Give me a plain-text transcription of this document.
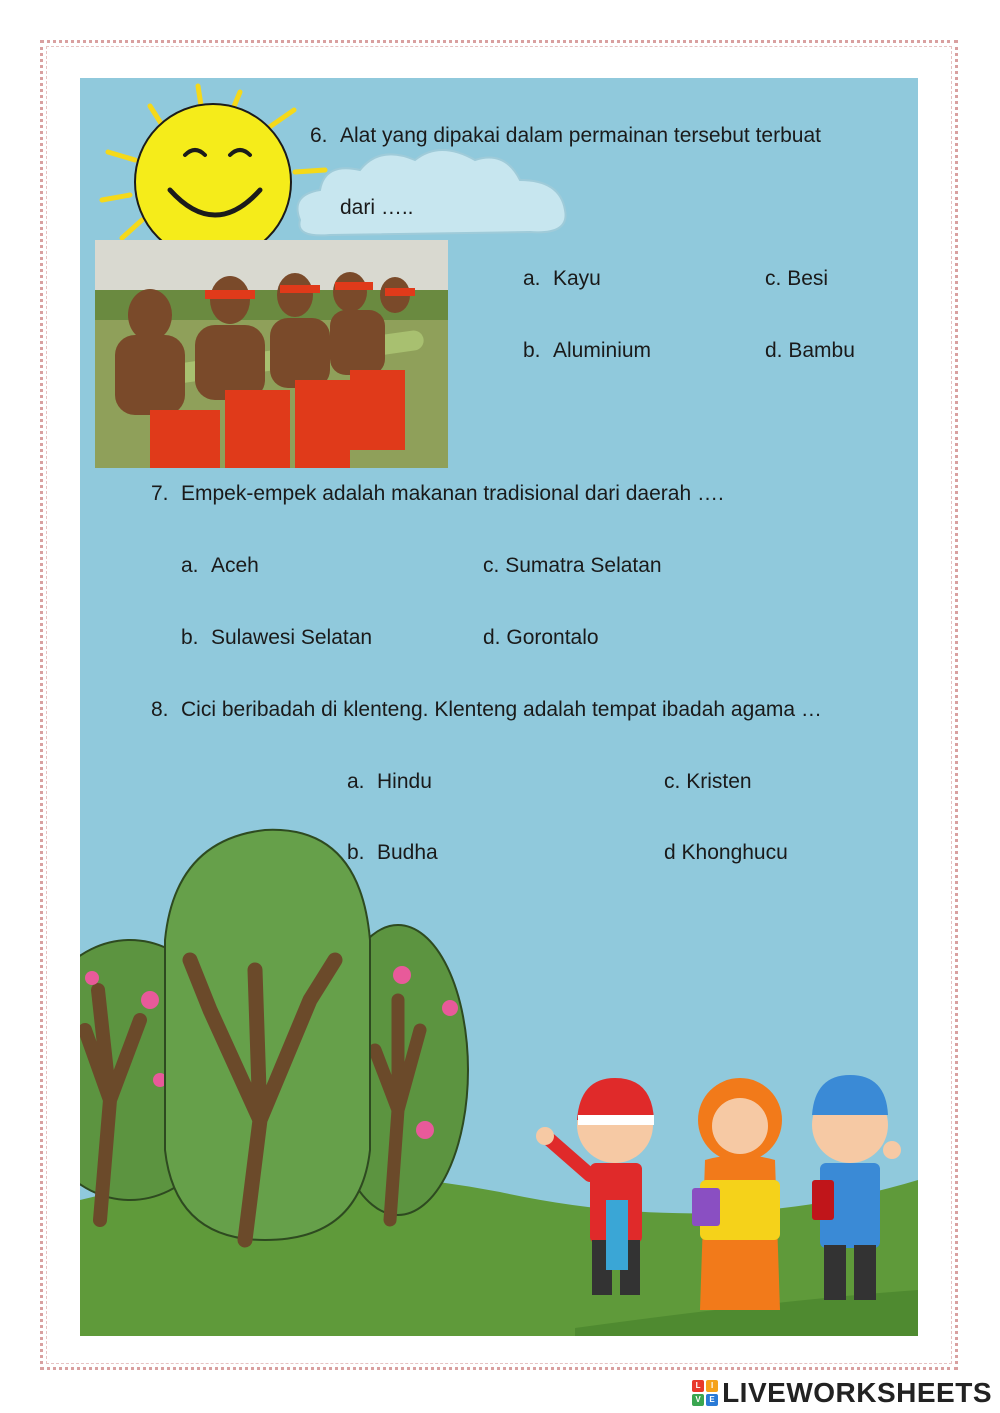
6. Alat yang dipakai dalam permainan tersebut terbuat
dari …..
a. Kayu	c. Besi
b. Aluminium	d. Bambu
7. Empek-empek adalah makanan tradisional dari daerah ….
a. Aceh	c. Sumatra Selatan
b. Sulawesi Selatan	d. Gorontalo
8. Cici beribadah di klenteng. Klenteng adalah tempat ibadah agama …
a. Hindu	c. Kristen
b. Budha	d Khonghucu
L	I
V	E LIVEWORKSHEETS
